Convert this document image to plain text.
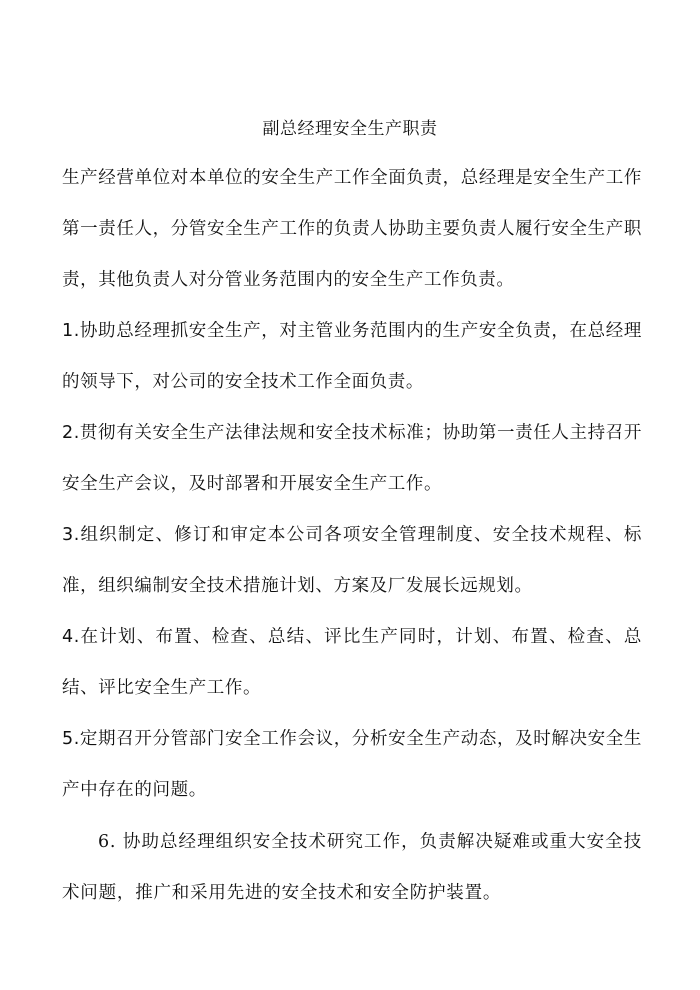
副总经理安全生产职责
生产经营单位对本单位的安全生产工作全面负责，总经理是安全生产工作第一责任人，分管安全生产工作的负责人协助主要负责人履行安全生产职责，其他负责人对分管业务范围内的安全生产工作负责。
1.协助总经理抓安全生产，对主管业务范围内的生产安全负责，在总经理的领导下，对公司的安全技术工作全面负责。
2.贯彻有关安全生产法律法规和安全技术标准；协助第一责任人主持召开安全生产会议，及时部署和开展安全生产工作。
3.组织制定、修订和审定本公司各项安全管理制度、安全技术规程、标准，组织编制安全技术措施计划、方案及厂发展长远规划。
4.在计划、布置、检查、总结、评比生产同时，计划、布置、检查、总结、评比安全生产工作。
5.定期召开分管部门安全工作会议，分析安全生产动态，及时解决安全生产中存在的问题。
6. 协助总经理组织安全技术研究工作，负责解决疑难或重大安全技术问题，推广和采用先进的安全技术和安全防护装置。
